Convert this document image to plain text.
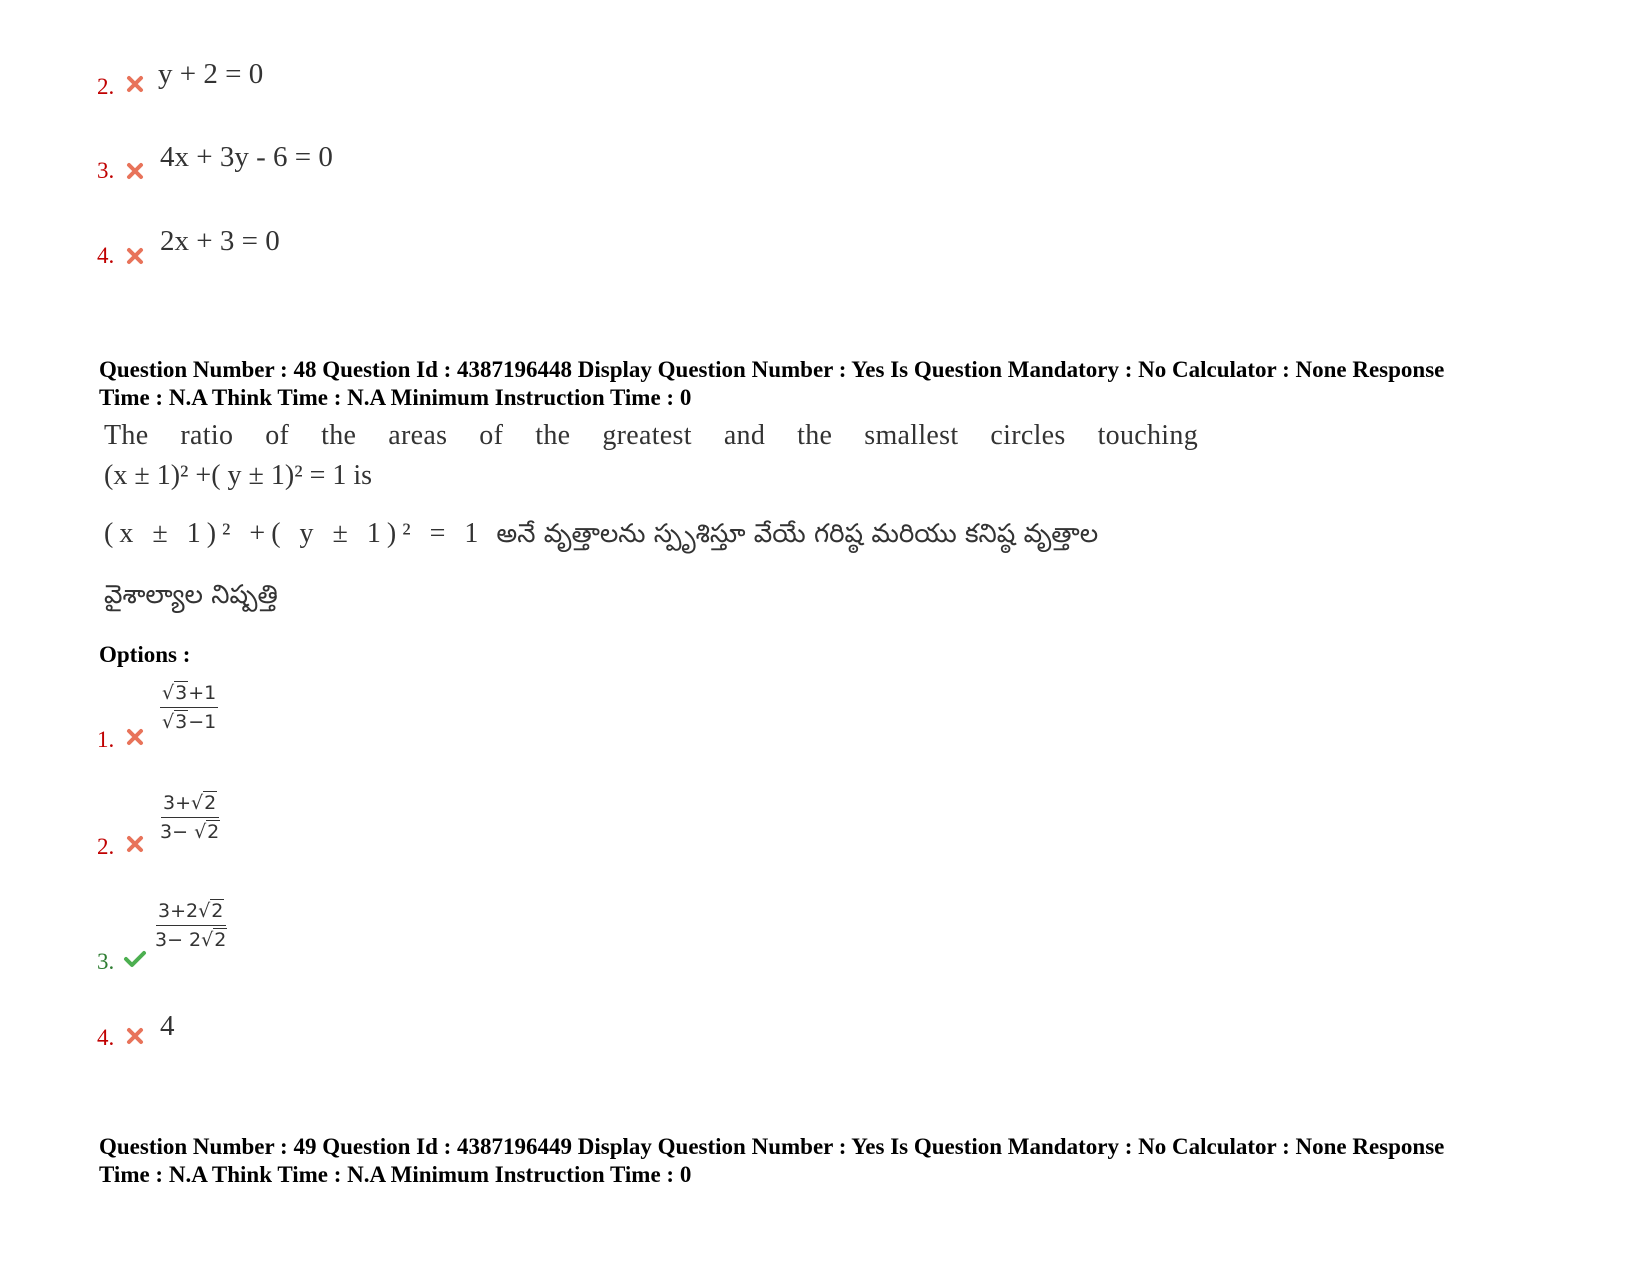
2. y + 2 = 0
3. 4x + 3y - 6 = 0
4. 2x + 3 = 0
Question Number : 48 Question Id : 4387196448 Display Question Number : Yes Is Question Mandatory : No Calculator : None Response
Time : N.A Think Time : N.A Minimum Instruction Time : 0
The ratio of the areas of the greatest and the smallest circles touching
(x ± 1)² +( y ± 1)² = 1 is
(x ± 1)² +( y ± 1)² = 1 అనే వృత్తాలను స్పృశిస్తూ వేయే గరిష్ఠ మరియు కనిష్ఠ వృత్తాల
వైశాల్యాల నిష్పత్తి
Options :
1.
$\frac{√3+1}{√3-1}$
2.
$\frac{3+√2}{3- √2}$
3.
$\frac{3+2√2}{3- 2√2}$
4. 4
Question Number : 49 Question Id : 4387196449 Display Question Number : Yes Is Question Mandatory : No Calculator : None Response
Time : N.A Think Time : N.A Minimum Instruction Time : 0
